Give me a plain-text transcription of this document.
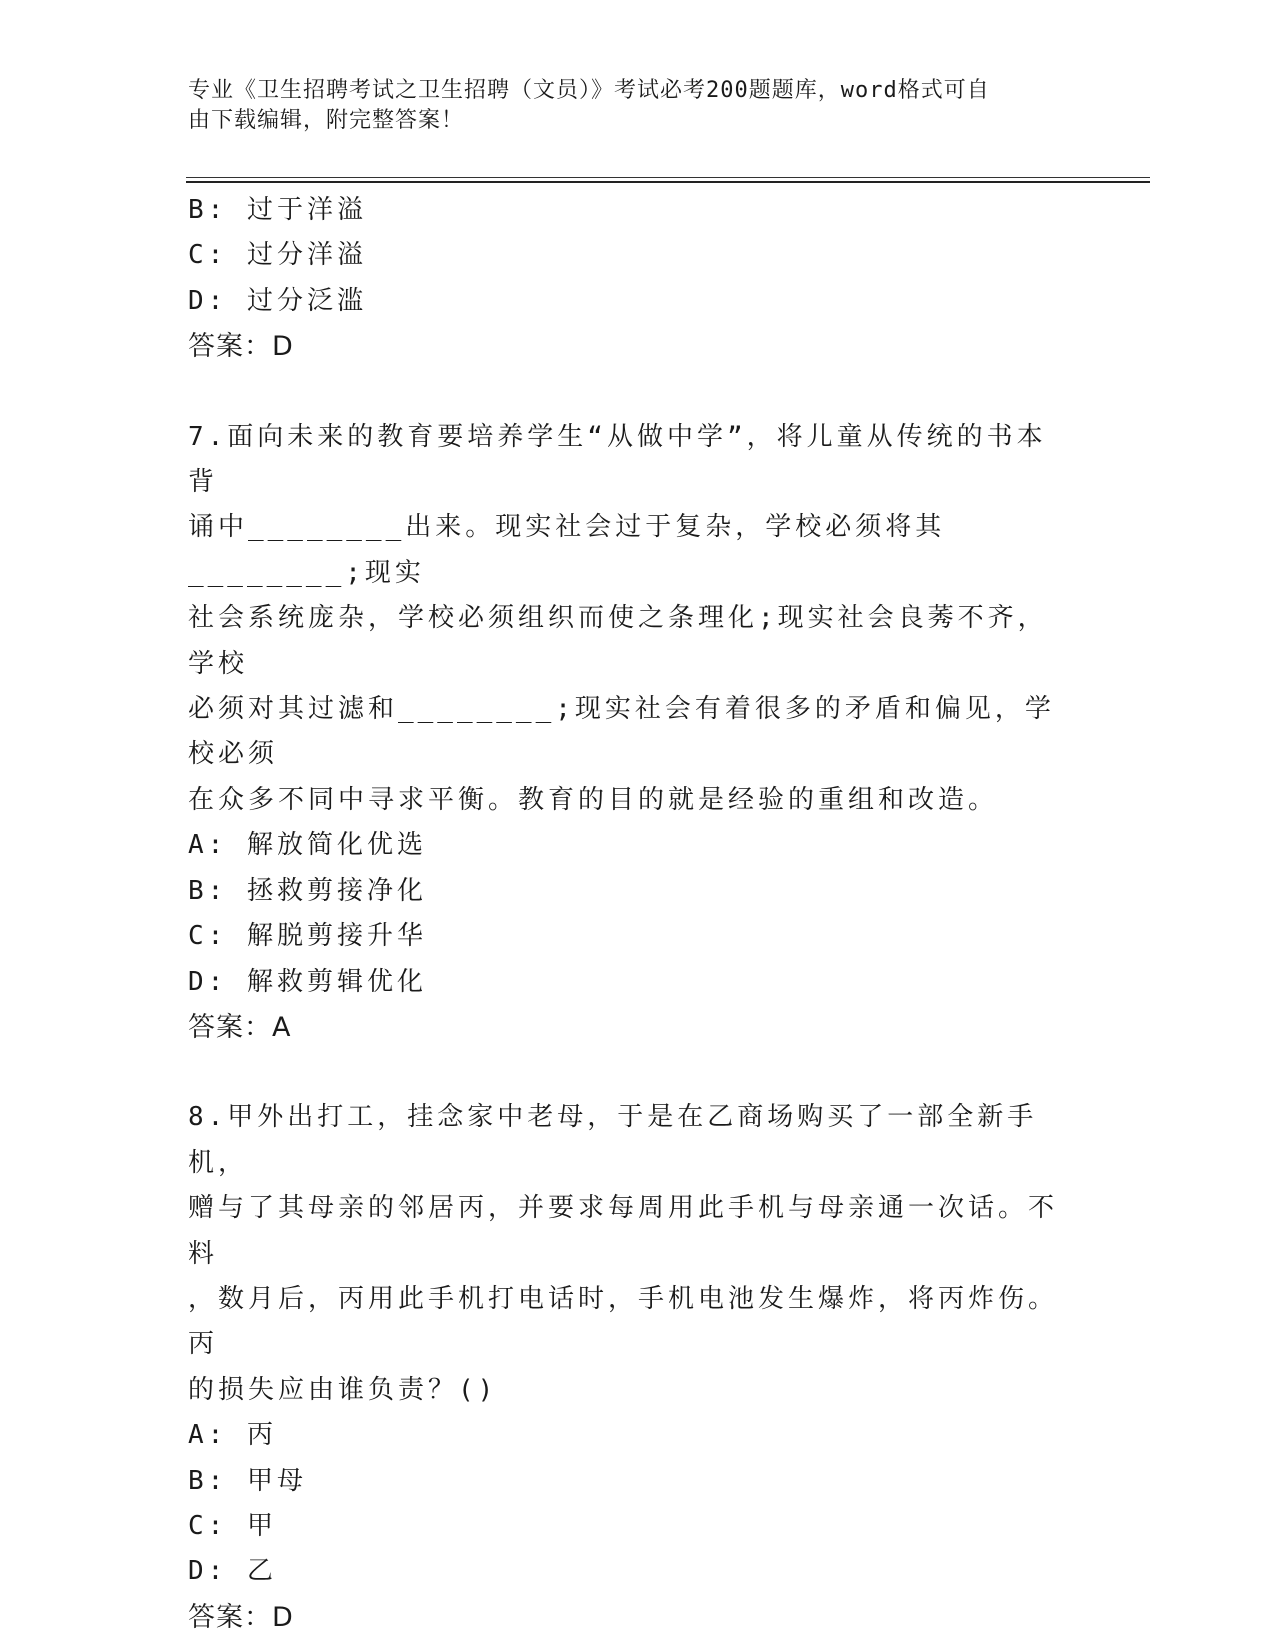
专业《卫生招聘考试之卫生招聘（文员）》考试必考200题题库，word格式可自
由下载编辑，附完整答案！
B: 过于洋溢
C: 过分洋溢
D: 过分泛滥
答案：D
7.面向未来的教育要培养学生“从做中学”，将儿童从传统的书本背
诵中________出来。现实社会过于复杂，学校必须将其________;现实
社会系统庞杂，学校必须组织而使之条理化;现实社会良莠不齐，学校
必须对其过滤和________;现实社会有着很多的矛盾和偏见，学校必须
在众多不同中寻求平衡。教育的目的就是经验的重组和改造。
A: 解放简化优选
B: 拯救剪接净化
C: 解脱剪接升华
D: 解救剪辑优化
答案：A
8.甲外出打工，挂念家中老母，于是在乙商场购买了一部全新手机，
赠与了其母亲的邻居丙，并要求每周用此手机与母亲通一次话。不料
，数月后，丙用此手机打电话时，手机电池发生爆炸，将丙炸伤。丙
的损失应由谁负责？()
A: 丙
B: 甲母
C: 甲
D: 乙
答案：D
